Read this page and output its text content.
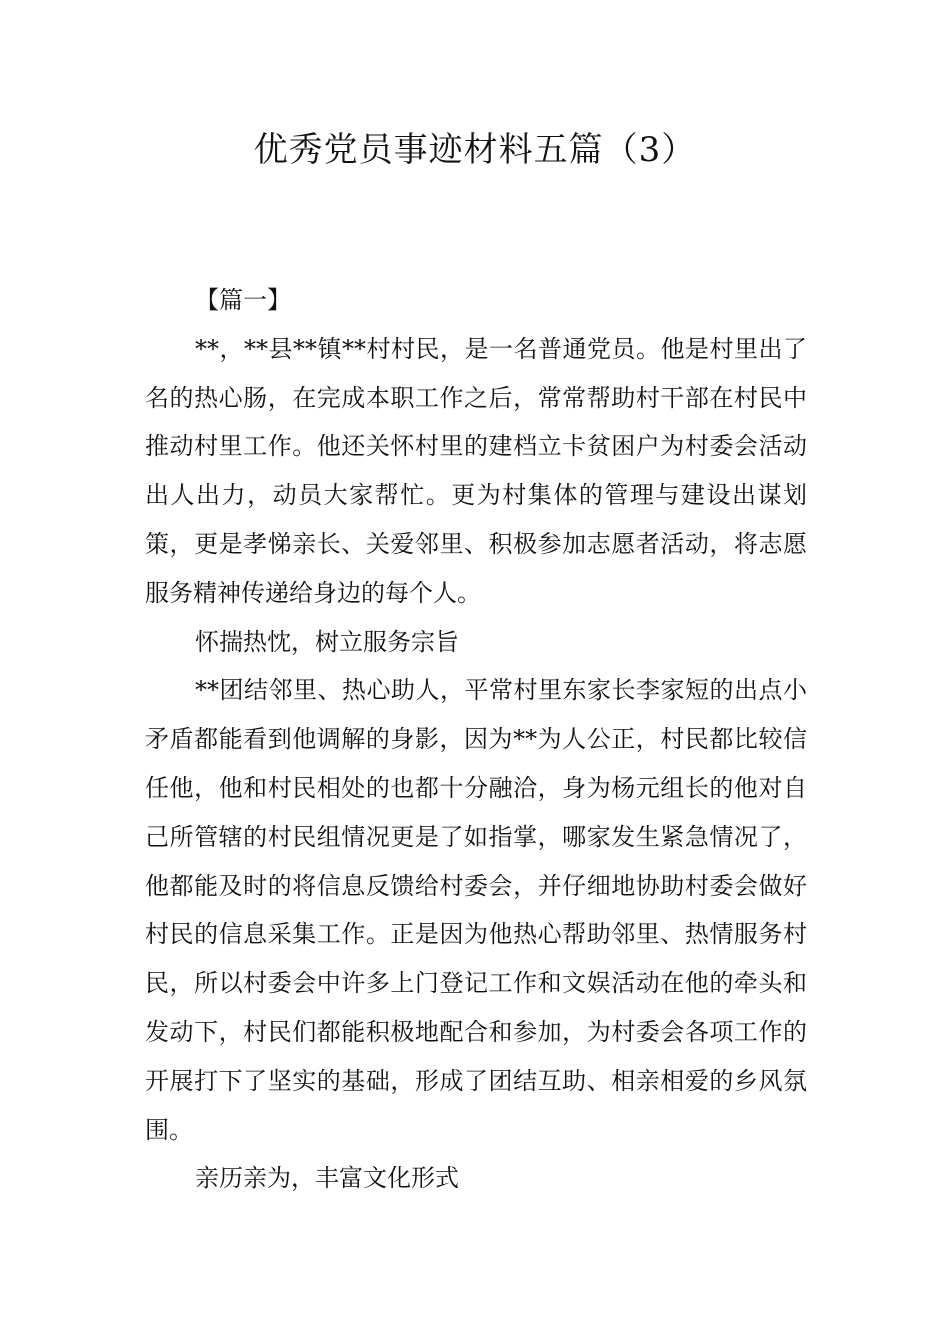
优秀党员事迹材料五篇（3）

【篇一】

**，**县**镇**村村民，是一名普通党员。他是村里出了名的热心肠，在完成本职工作之后，常常帮助村干部在村民中推动村里工作。他还关怀村里的建档立卡贫困户为村委会活动出人出力，动员大家帮忙。更为村集体的管理与建设出谋划策，更是孝悌亲长、关爱邻里、积极参加志愿者活动，将志愿服务精神传递给身边的每个人。

怀揣热忱，树立服务宗旨

**团结邻里、热心助人，平常村里东家长李家短的出点小矛盾都能看到他调解的身影，因为**为人公正，村民都比较信任他，他和村民相处的也都十分融洽，身为杨元组长的他对自己所管辖的村民组情况更是了如指掌，哪家发生紧急情况了，他都能及时的将信息反馈给村委会，并仔细地协助村委会做好村民的信息采集工作。正是因为他热心帮助邻里、热情服务村民，所以村委会中许多上门登记工作和文娱活动在他的牵头和发动下，村民们都能积极地配合和参加，为村委会各项工作的开展打下了坚实的基础，形成了团结互助、相亲相爱的乡风氛围。

亲历亲为，丰富文化形式
